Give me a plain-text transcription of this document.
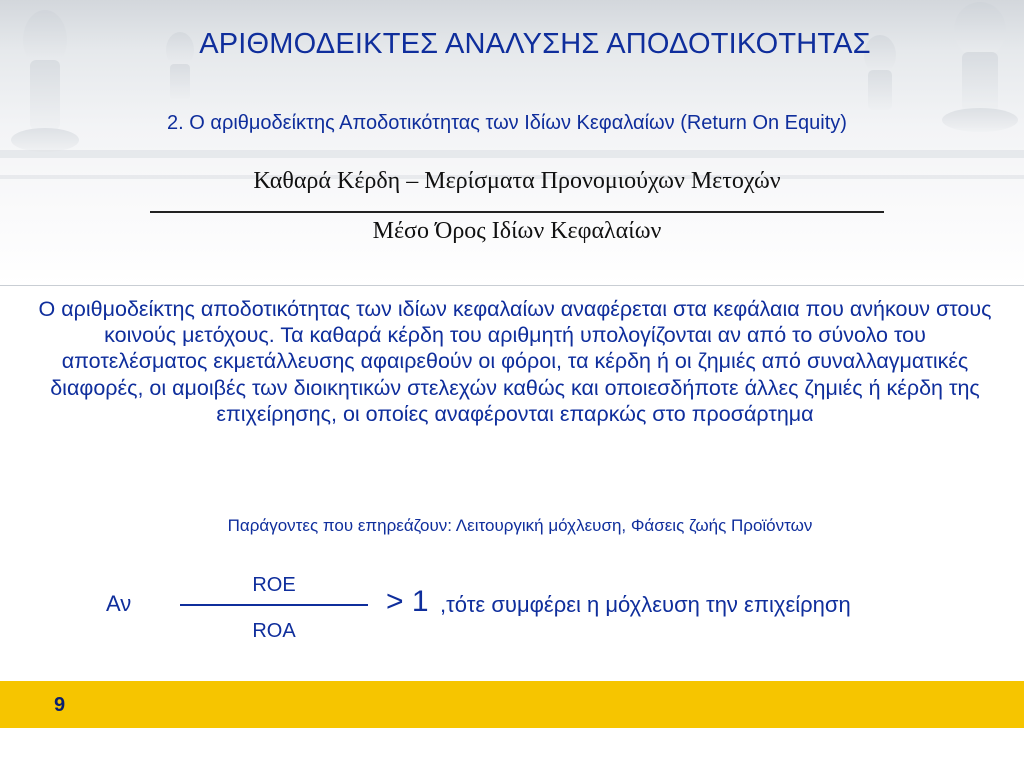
ΑΡΙΘΜΟΔΕΙΚΤΕΣ ΑΝΑΛΥΣΗΣ ΑΠΟΔΟΤΙΚΟΤΗΤΑΣ
2. Ο αριθμοδείκτης Αποδοτικότητας των Ιδίων Κεφαλαίων (Return On Equity)
Καθαρά Κέρδη – Μερίσματα Προνομιούχων Μετοχών
Μέσο Όρος Ιδίων Κεφαλαίων
Ο αριθμοδείκτης αποδοτικότητας των ιδίων κεφαλαίων αναφέρεται στα κεφάλαια που ανήκουν στους κοινούς μετόχους. Τα καθαρά κέρδη του αριθμητή υπολογίζονται αν από το σύνολο του αποτελέσματος εκμετάλλευσης αφαιρεθούν οι φόροι, τα κέρδη ή οι ζημιές από συναλλαγματικές διαφορές, οι αμοιβές των διοικητικών στελεχών καθώς και οποιεσδήποτε άλλες ζημιές ή κέρδη της επιχείρησης, οι οποίες αναφέρονται επαρκώς στο προσάρτημα
Παράγοντες που επηρεάζουν: Λειτουργική μόχλευση, Φάσεις ζωής Προϊόντων
Αν
ROE
ROA
> 1 ,τότε συμφέρει η μόχλευση την επιχείρηση
9
